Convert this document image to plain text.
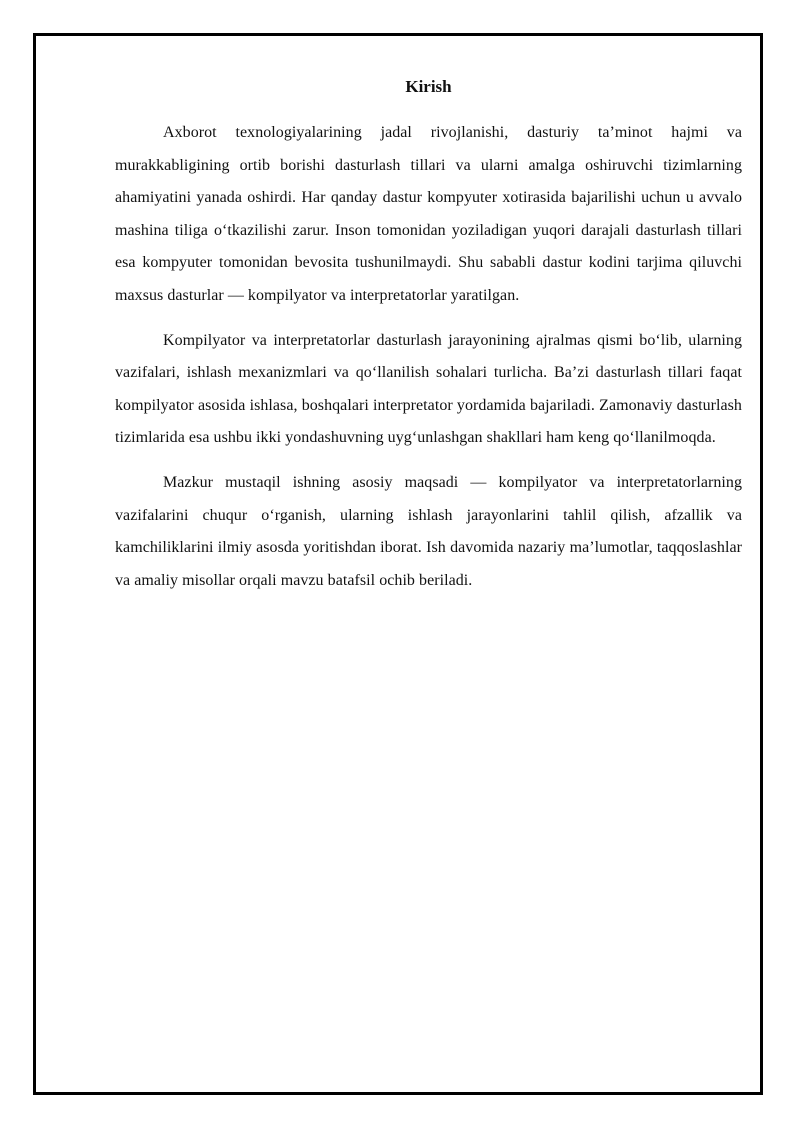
Kirish

Axborot texnologiyalarining jadal rivojlanishi, dasturiy ta’minot hajmi va murakkabligining ortib borishi dasturlash tillari va ularni amalga oshiruvchi tizimlarning ahamiyatini yanada oshirdi. Har qanday dastur kompyuter xotirasida bajarilishi uchun u avvalo mashina tiliga o‘tkazilishi zarur. Inson tomonidan yoziladigan yuqori darajali dasturlash tillari esa kompyuter tomonidan bevosita tushunilmaydi. Shu sababli dastur kodini tarjima qiluvchi maxsus dasturlar — kompilyator va interpretatorlar yaratilgan.

Kompilyator va interpretatorlar dasturlash jarayonining ajralmas qismi bo‘lib, ularning vazifalari, ishlash mexanizmlari va qo‘llanilish sohalari turlicha. Ba’zi dasturlash tillari faqat kompilyator asosida ishlasa, boshqalari interpretator yordamida bajariladi. Zamonaviy dasturlash tizimlarida esa ushbu ikki yondashuvning uyg‘unlashgan shakllari ham keng qo‘llanilmoqda.

Mazkur mustaqil ishning asosiy maqsadi — kompilyator va interpretatorlarning vazifalarini chuqur o‘rganish, ularning ishlash jarayonlarini tahlil qilish, afzallik va kamchiliklarini ilmiy asosda yoritishdan iborat. Ish davomida nazariy ma’lumotlar, taqqoslashlar va amaliy misollar orqali mavzu batafsil ochib beriladi.
